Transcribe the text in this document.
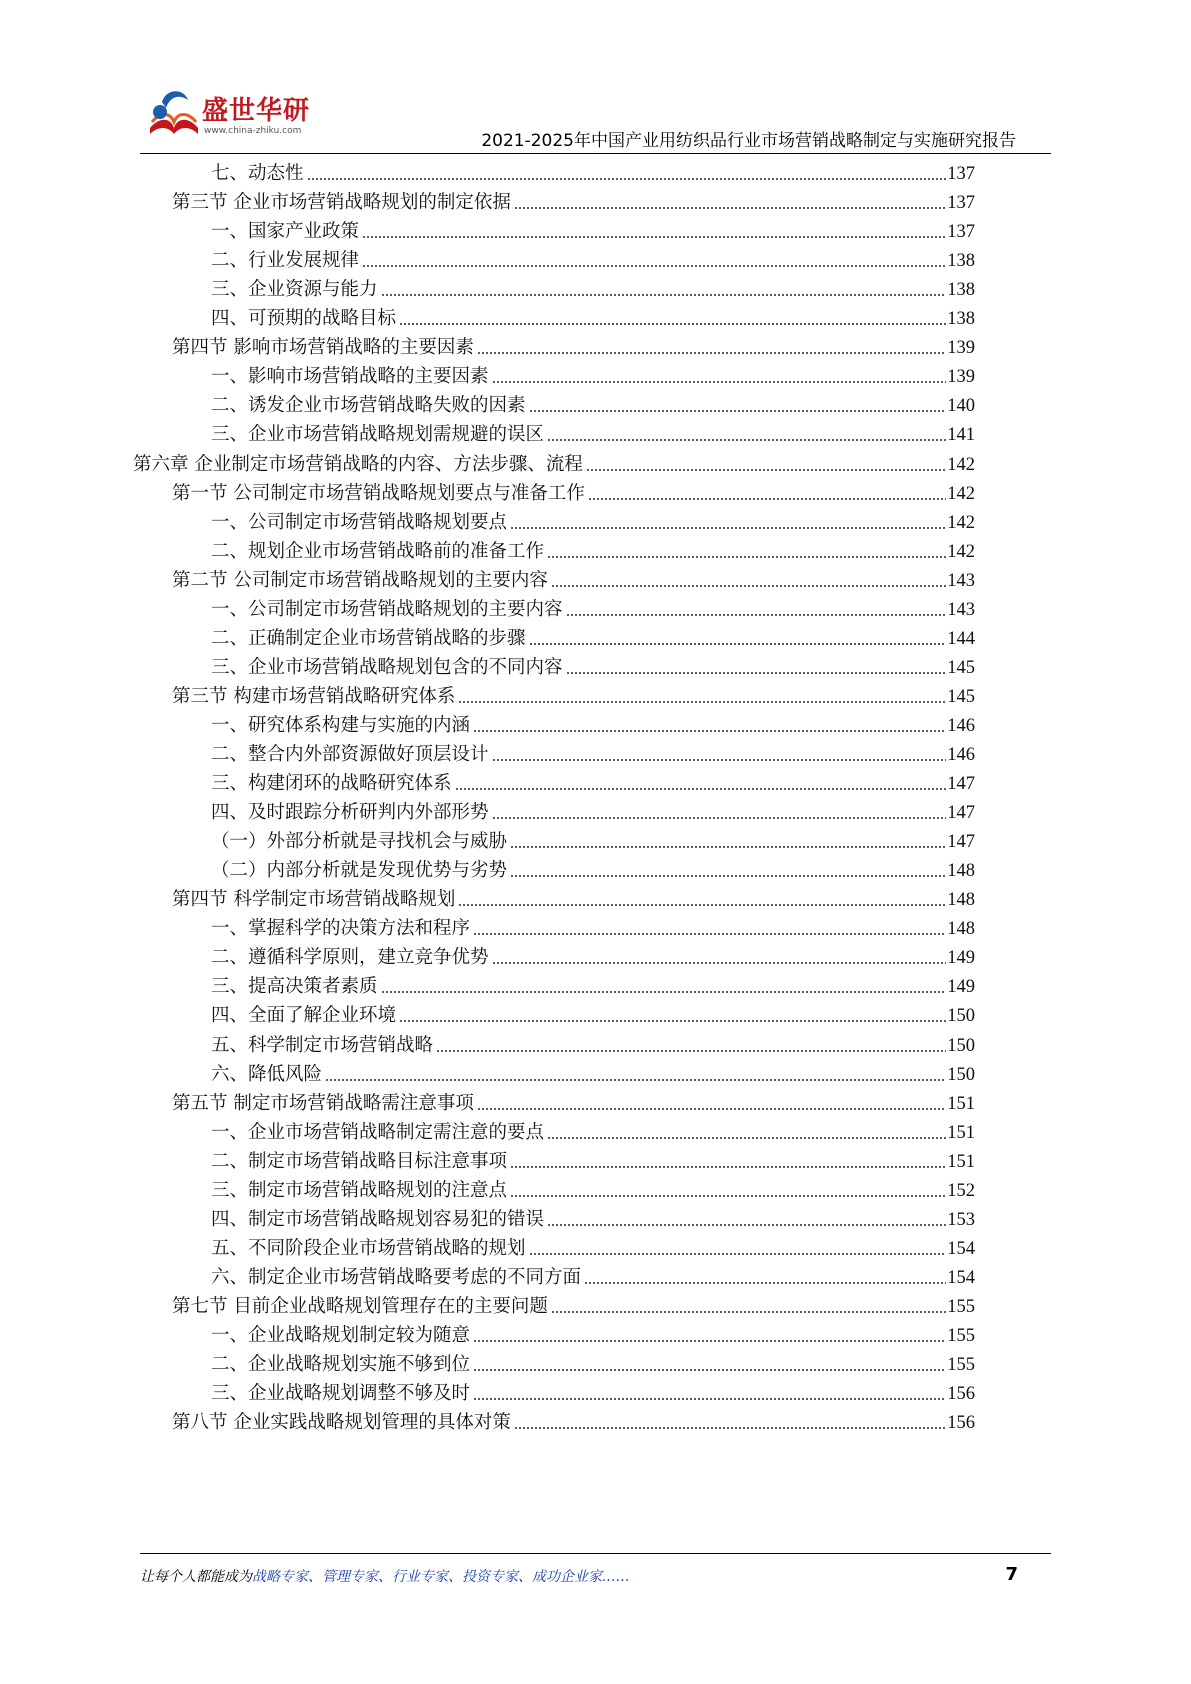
盛世华研
www.china-zhiku.com	2021-2025年中国产业用纺织品行业市场营销战略制定与实施研究报告
七、动态性	137
第三节 企业市场营销战略规划的制定依据	137
一、国家产业政策	137
二、行业发展规律	138
三、企业资源与能力	138
四、可预期的战略目标	138
第四节 影响市场营销战略的主要因素	139
一、影响市场营销战略的主要因素	139
二、诱发企业市场营销战略失败的因素	140
三、企业市场营销战略规划需规避的误区	141
第六章 企业制定市场营销战略的内容、方法步骤、流程	142
第一节 公司制定市场营销战略规划要点与准备工作	142
一、公司制定市场营销战略规划要点	142
二、规划企业市场营销战略前的准备工作	142
第二节 公司制定市场营销战略规划的主要内容	143
一、公司制定市场营销战略规划的主要内容	143
二、正确制定企业市场营销战略的步骤	144
三、企业市场营销战略规划包含的不同内容	145
第三节 构建市场营销战略研究体系	145
一、研究体系构建与实施的内涵	146
二、整合内外部资源做好顶层设计	146
三、构建闭环的战略研究体系	147
四、及时跟踪分析研判内外部形势	147
（一）外部分析就是寻找机会与威胁	147
（二）内部分析就是发现优势与劣势	148
第四节 科学制定市场营销战略规划	148
一、掌握科学的决策方法和程序	148
二、遵循科学原则，建立竞争优势	149
三、提高决策者素质	149
四、全面了解企业环境	150
五、科学制定市场营销战略	150
六、降低风险	150
第五节 制定市场营销战略需注意事项	151
一、企业市场营销战略制定需注意的要点	151
二、制定市场营销战略目标注意事项	151
三、制定市场营销战略规划的注意点	152
四、制定市场营销战略规划容易犯的错误	153
五、不同阶段企业市场营销战略的规划	154
六、制定企业市场营销战略要考虑的不同方面	154
第七节 目前企业战略规划管理存在的主要问题	155
一、企业战略规划制定较为随意	155
二、企业战略规划实施不够到位	155
三、企业战略规划调整不够及时	156
第八节 企业实践战略规划管理的具体对策	156
让每个人都能成为战略专家、管理专家、行业专家、投资专家、成功企业家……	7
